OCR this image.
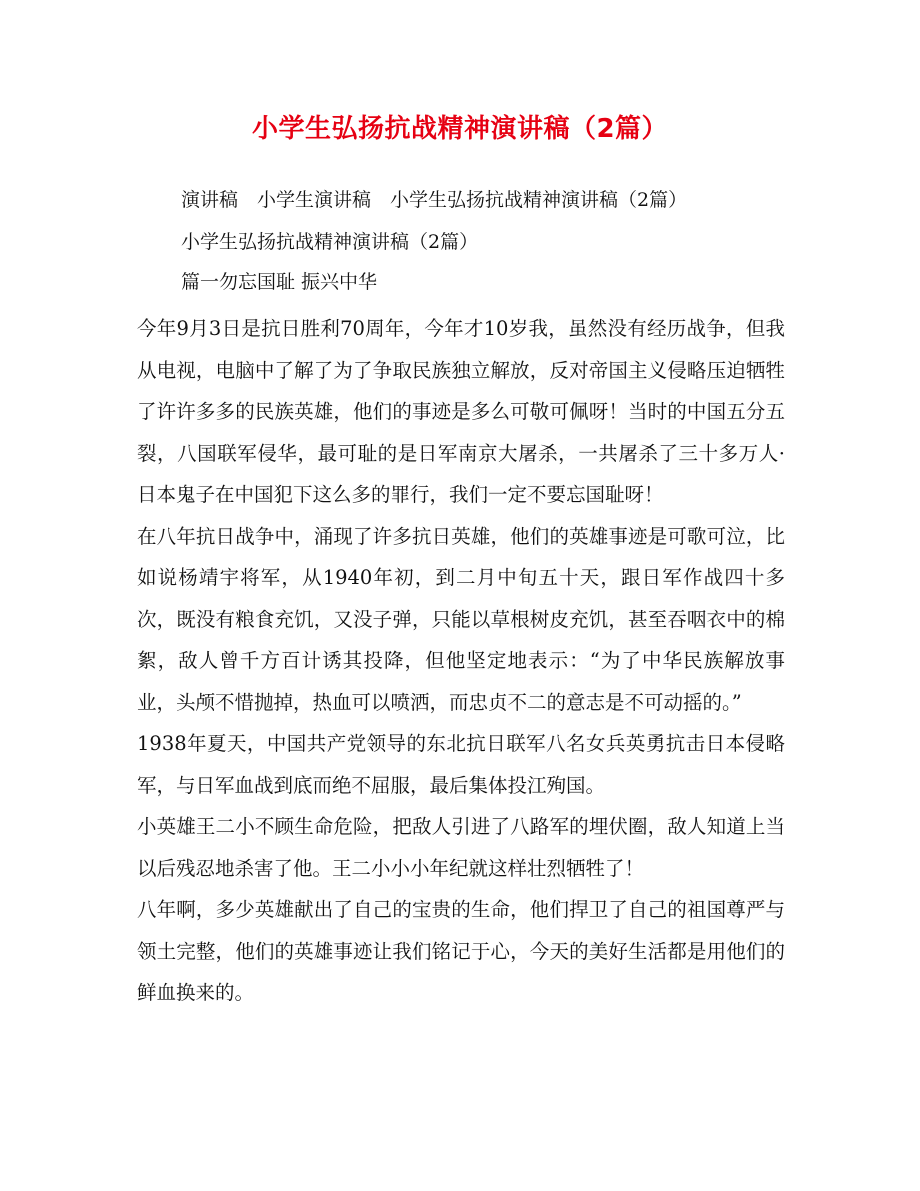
小学生弘扬抗战精神演讲稿（2篇）

演讲稿　小学生演讲稿　小学生弘扬抗战精神演讲稿（2篇）

小学生弘扬抗战精神演讲稿（2篇）

篇一勿忘国耻 振兴中华

今年9月3日是抗日胜利70周年，今年才10岁我，虽然没有经历战争，但我从电视，电脑中了解了为了争取民族独立解放，反对帝国主义侵略压迫牺牲了许许多多的民族英雄，他们的事迹是多么可敬可佩呀！当时的中国五分五裂，八国联军侵华，最可耻的是日军南京大屠杀，一共屠杀了三十多万人·日本鬼子在中国犯下这么多的罪行，我们一定不要忘国耻呀！

在八年抗日战争中，涌现了许多抗日英雄，他们的英雄事迹是可歌可泣，比如说杨靖宇将军，从1940年初，到二月中旬五十天，跟日军作战四十多次，既没有粮食充饥，又没子弹，只能以草根树皮充饥，甚至吞咽衣中的棉絮，敌人曾千方百计诱其投降，但他坚定地表示：“为了中华民族解放事业，头颅不惜抛掉，热血可以喷洒，而忠贞不二的意志是不可动摇的。”

1938年夏天，中国共产党领导的东北抗日联军八名女兵英勇抗击日本侵略军，与日军血战到底而绝不屈服，最后集体投江殉国。

小英雄王二小不顾生命危险，把敌人引进了八路军的埋伏圈，敌人知道上当以后残忍地杀害了他。王二小小小年纪就这样壮烈牺牲了！

八年啊，多少英雄献出了自己的宝贵的生命，他们捍卫了自己的祖国尊严与领土完整，他们的英雄事迹让我们铭记于心，今天的美好生活都是用他们的鲜血换来的。
